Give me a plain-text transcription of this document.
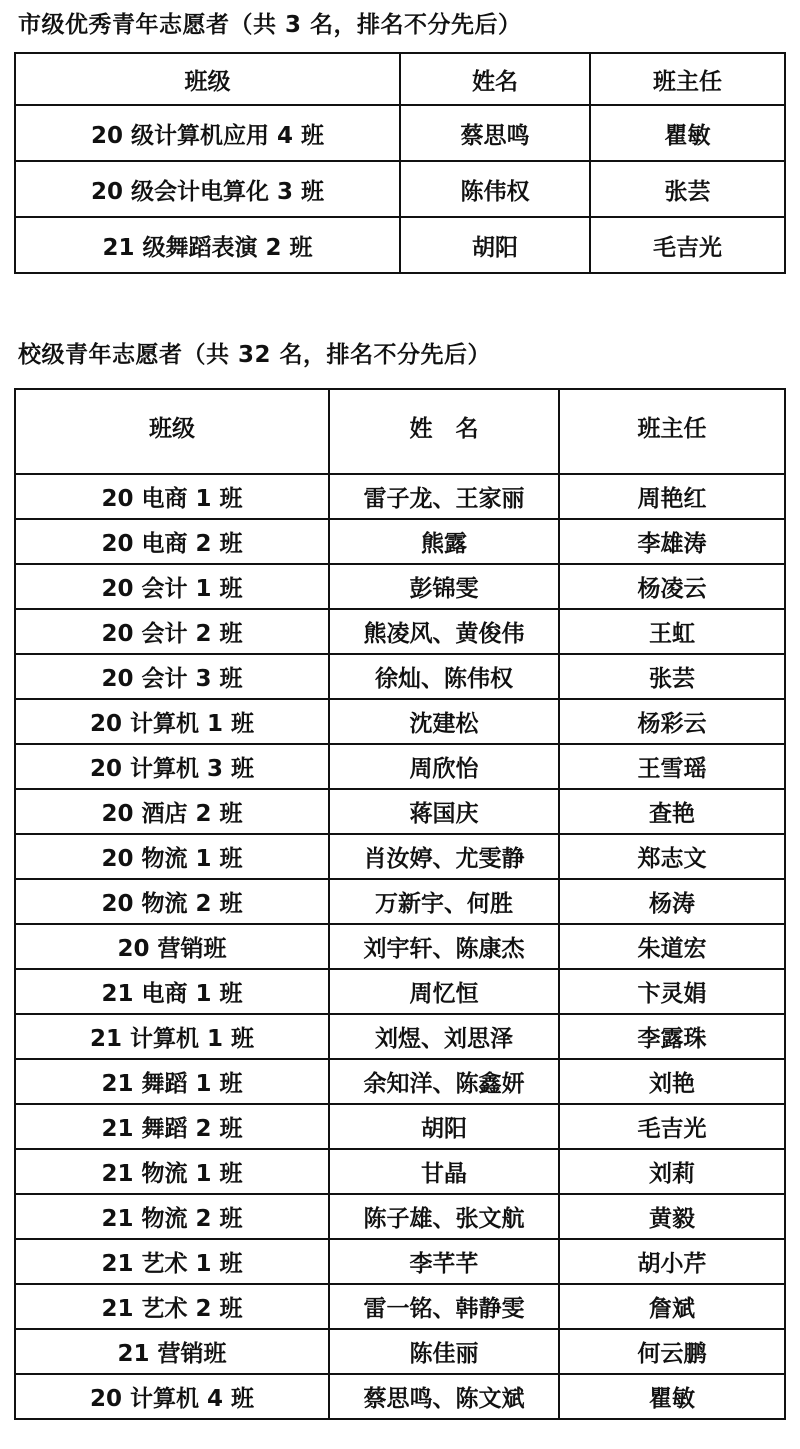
市级优秀青年志愿者（共 3 名，排名不分先后）
班级	姓名	班主任
20 级计算机应用 4 班	蔡思鸣	瞿敏
20 级会计电算化 3 班	陈伟权	张芸
21 级舞蹈表演 2 班	胡阳	毛吉光
校级青年志愿者（共 32 名，排名不分先后）
班级	姓　名	班主任
20 电商 1 班	雷子龙、王家丽	周艳红
20 电商 2 班	熊露	李雄涛
20 会计 1 班	彭锦雯	杨凌云
20 会计 2 班	熊凌风、黄俊伟	王虹
20 会计 3 班	徐灿、陈伟权	张芸
20 计算机 1 班	沈建松	杨彩云
20 计算机 3 班	周欣怡	王雪瑶
20 酒店 2 班	蒋国庆	查艳
20 物流 1 班	肖汝婷、尤雯静	郑志文
20 物流 2 班	万新宇、何胜	杨涛
20 营销班	刘宇轩、陈康杰	朱道宏
21 电商 1 班	周忆恒	卞灵娟
21 计算机 1 班	刘煜、刘思泽	李露珠
21 舞蹈 1 班	余知洋、陈鑫妍	刘艳
21 舞蹈 2 班	胡阳	毛吉光
21 物流 1 班	甘晶	刘莉
21 物流 2 班	陈子雄、张文航	黄毅
21 艺术 1 班	李芊芊	胡小芹
21 艺术 2 班	雷一铭、韩静雯	詹斌
21 营销班	陈佳丽	何云鹏
20 计算机 4 班	蔡思鸣、陈文斌	瞿敏
